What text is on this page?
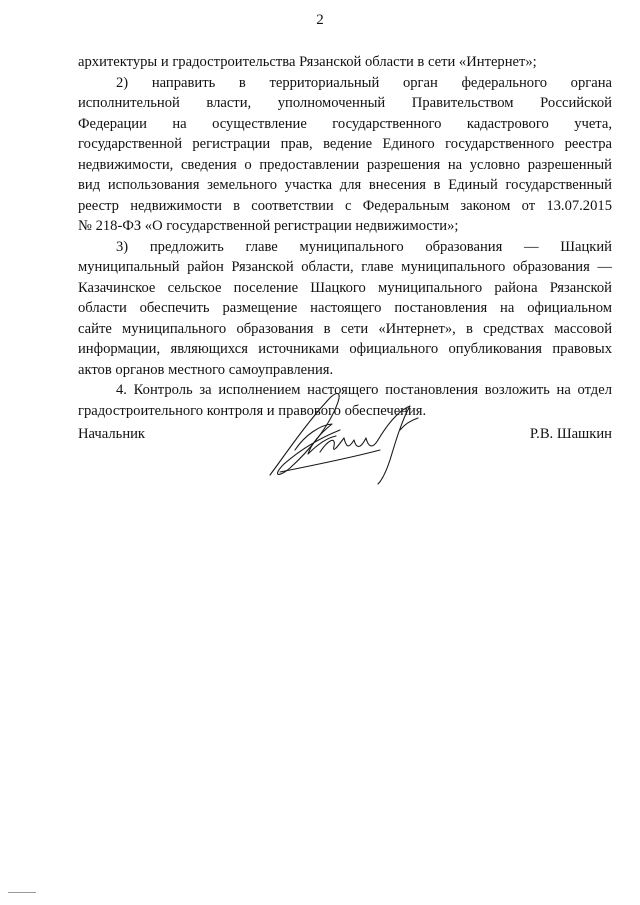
2
архитектуры и градостроительства Рязанской области в сети «Интернет»;
2) направить в территориальный орган федерального органа
исполнительной власти, уполномоченный Правительством Российской
Федерации на осуществление государственного кадастрового учета,
государственной регистрации прав, ведение Единого государственного реестра
недвижимости, сведения о предоставлении разрешения на условно разрешенный
вид использования земельного участка для внесения в Единый государственный
реестр недвижимости в соответствии с Федеральным законом от 13.07.2015
№ 218-ФЗ «О государственной регистрации недвижимости»;
3) предложить главе муниципального образования — Шацкий
муниципальный район Рязанской области, главе муниципального образования —
Казачинское сельское поселение Шацкого муниципального района Рязанской
области обеспечить размещение настоящего постановления на официальном
сайте муниципального образования в сети «Интернет», в средствах массовой
информации, являющихся источниками официального опубликования правовых
актов органов местного самоуправления.
4. Контроль за исполнением настоящего постановления возложить на отдел
градостроительного контроля и правового обеспечения.
Начальник	Р.В. Шашкин
